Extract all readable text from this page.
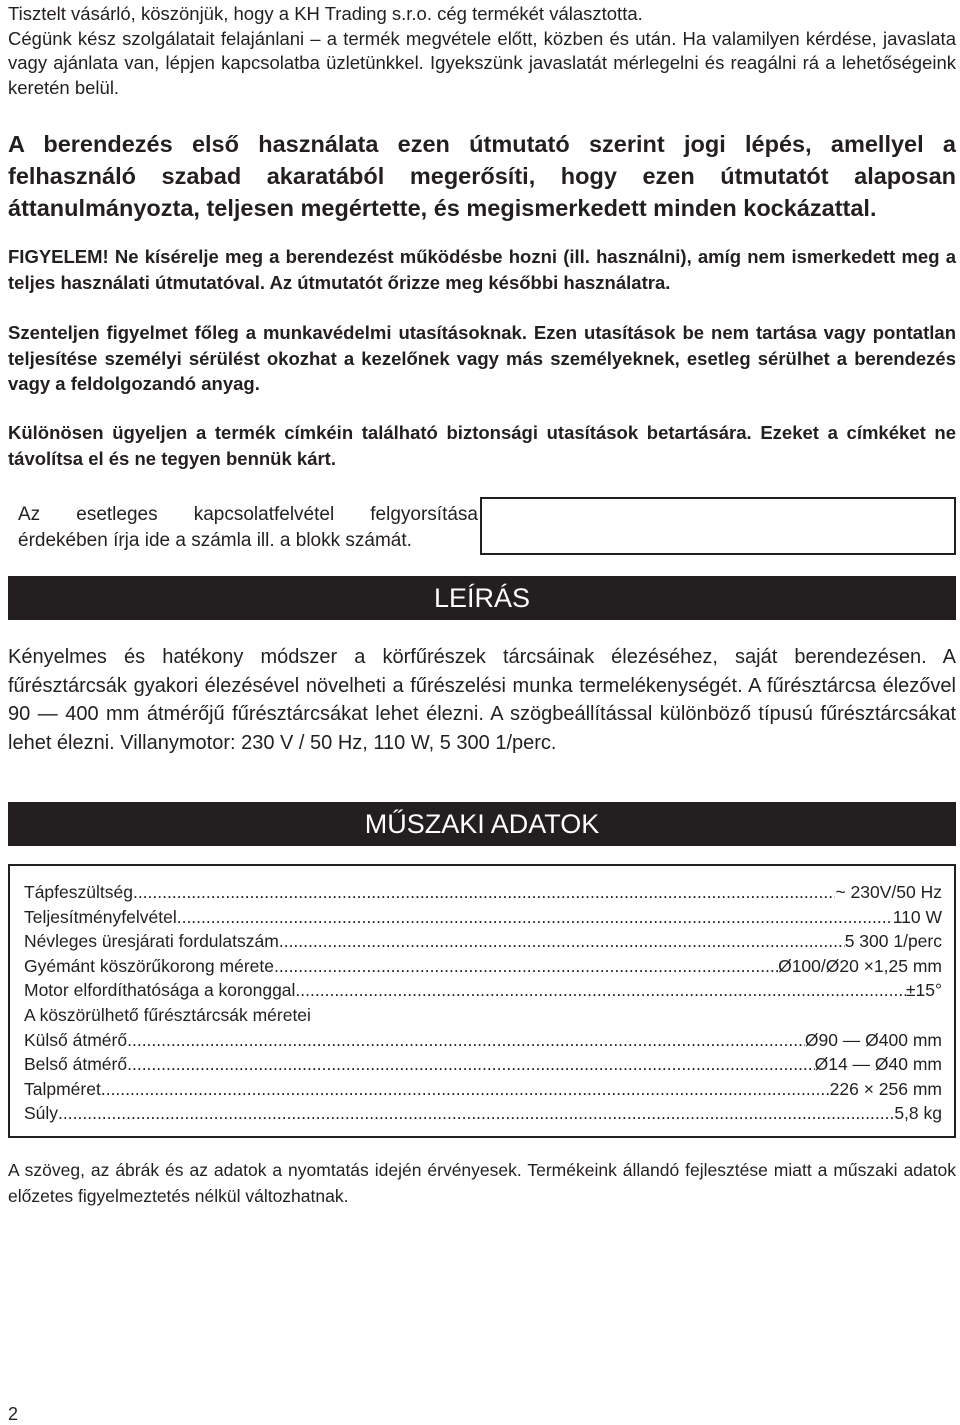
Tisztelt vásárló, köszönjük, hogy a KH Trading s.r.o. cég termékét választotta.
Cégünk kész szolgálatait felajánlani – a termék megvétele előtt, közben és után. Ha valamilyen kérdése, javaslata vagy ajánlata van, lépjen kapcsolatba üzletünkkel. Igyekszünk javaslatát mérlegelni és reagálni rá a lehetőségeink keretén belül.
A berendezés első használata ezen útmutató szerint jogi lépés, amellyel a felhasználó szabad akaratából megerősíti, hogy ezen útmutatót alaposan áttanulmányozta, teljesen megértette, és megismerkedett minden kockázattal.
FIGYELEM! Ne kísérelje meg a berendezést működésbe hozni (ill. használni), amíg nem ismerkedett meg a teljes használati útmutatóval. Az útmutatót őrizze meg későbbi használatra.
Szenteljen figyelmet főleg a munkavédelmi utasításoknak. Ezen utasítások be nem tartása vagy pontatlan teljesítése személyi sérülést okozhat a kezelőnek vagy más személyeknek, esetleg sérülhet a berendezés vagy a feldolgozandó anyag.
Különösen ügyeljen a termék címkéin található biztonsági utasítások betartására. Ezeket a címkéket ne távolítsa el és ne tegyen bennük kárt.
Az esetleges kapcsolatfelvétel felgyorsítása érdekében írja ide a számla ill. a blokk számát.
LEÍRÁS
Kényelmes és hatékony módszer a körfűrészek tárcsáinak élezéséhez, saját berendezésen. A fűrésztárcsák gyakori élezésével növelheti a fűrészelési munka termelékenységét. A fűrésztárcsa élezővel 90 — 400 mm átmérőjű fűrésztárcsákat lehet élezni. A szögbeállítással különböző típusú fűrésztárcsákat lehet élezni. Villanymotor: 230 V / 50 Hz, 110 W, 5 300 1/perc.
MŰSZAKI ADATOK
Tápfeszültség .....	~ 230V/50 Hz
Teljesítményfelvétel .....	110 W
Névleges üresjárati fordulatszám .....	5 300 1/perc
Gyémánt köszörűkorong mérete .....	Ø100/Ø20 ×1,25 mm
Motor elfordíthatósága a koronggal .....	±15°
A köszörülhető fűrésztárcsák méretei
Külső átmérő .....	Ø90 — Ø400 mm
Belső átmérő .....	Ø14 — Ø40 mm
Talpméret .....	226 × 256 mm
Súly .....	5,8 kg
A szöveg, az ábrák és az adatok a nyomtatás idején érvényesek. Termékeink állandó fejlesztése miatt a műszaki adatok előzetes figyelmeztetés nélkül változhatnak.
2
